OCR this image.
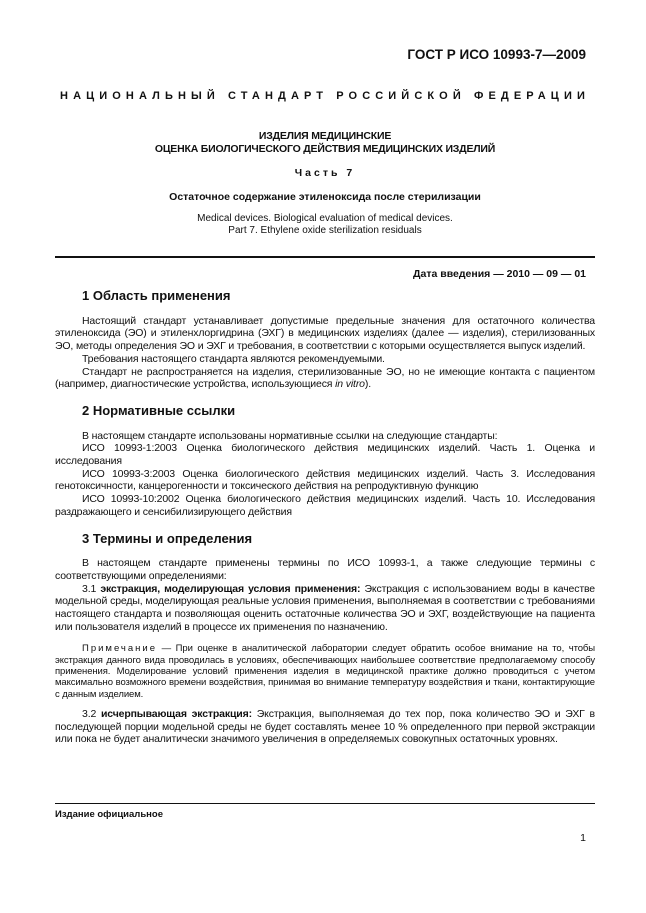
ГОСТ Р ИСО 10993-7—2009
НАЦИОНАЛЬНЫЙ СТАНДАРТ РОССИЙСКОЙ ФЕДЕРАЦИИ
ИЗДЕЛИЯ МЕДИЦИНСКИЕ
ОЦЕНКА БИОЛОГИЧЕСКОГО ДЕЙСТВИЯ МЕДИЦИНСКИХ ИЗДЕЛИЙ
Часть 7
Остаточное содержание этиленоксида после стерилизации
Medical devices. Biological evaluation of medical devices.
Part 7. Ethylene oxide sterilization residuals
Дата введения — 2010 — 09 — 01
1 Область применения

Настоящий стандарт устанавливает допустимые предельные значения для остаточного количества этиленоксида (ЭО) и этиленхлоргидрина (ЭХГ) в медицинских изделиях (далее — изделия), стерилизованных ЭО, методы определения ЭО и ЭХГ и требования, в соответствии с которыми осуществляется выпуск изделий.

Требования настоящего стандарта являются рекомендуемыми.

Стандарт не распространяется на изделия, стерилизованные ЭО, но не имеющие контакта с пациентом (например, диагностические устройства, использующиеся in vitro).

2 Нормативные ссылки

В настоящем стандарте использованы нормативные ссылки на следующие стандарты:

ИСО 10993-1:2003 Оценка биологического действия медицинских изделий. Часть 1. Оценка и исследования

ИСО 10993-3:2003 Оценка биологического действия медицинских изделий. Часть 3. Исследования генотоксичности, канцерогенности и токсического действия на репродуктивную функцию

ИСО 10993-10:2002 Оценка биологического действия медицинских изделий. Часть 10. Исследования раздражающего и сенсибилизирующего действия

3 Термины и определения

В настоящем стандарте применены термины по ИСО 10993-1, а также следующие термины с соответствующими определениями:

3.1 экстракция, моделирующая условия применения: Экстракция с использованием воды в качестве модельной среды, моделирующая реальные условия применения, выполняемая в соответствии с требованиями настоящего стандарта и позволяющая оценить остаточные количества ЭО и ЭХГ, воздействующие на пациента или пользователя изделий в процессе их применения по назначению.

Примечание — При оценке в аналитической лаборатории следует обратить особое внимание на то, чтобы экстракция данного вида проводилась в условиях, обеспечивающих наибольшее соответствие предполагаемому способу применения. Моделирование условий применения изделия в медицинской практике должно проводиться с учетом максимально возможного времени воздействия, принимая во внимание температуру воздействия и ткани, контактирующие с данным изделием.

3.2 исчерпывающая экстракция: Экстракция, выполняемая до тех пор, пока количество ЭО и ЭХГ в последующей порции модельной среды не будет составлять менее 10 % определенного при первой экстракции или пока не будет аналитически значимого увеличения в определяемых совокупных остаточных уровнях.

Издание официальное
1
